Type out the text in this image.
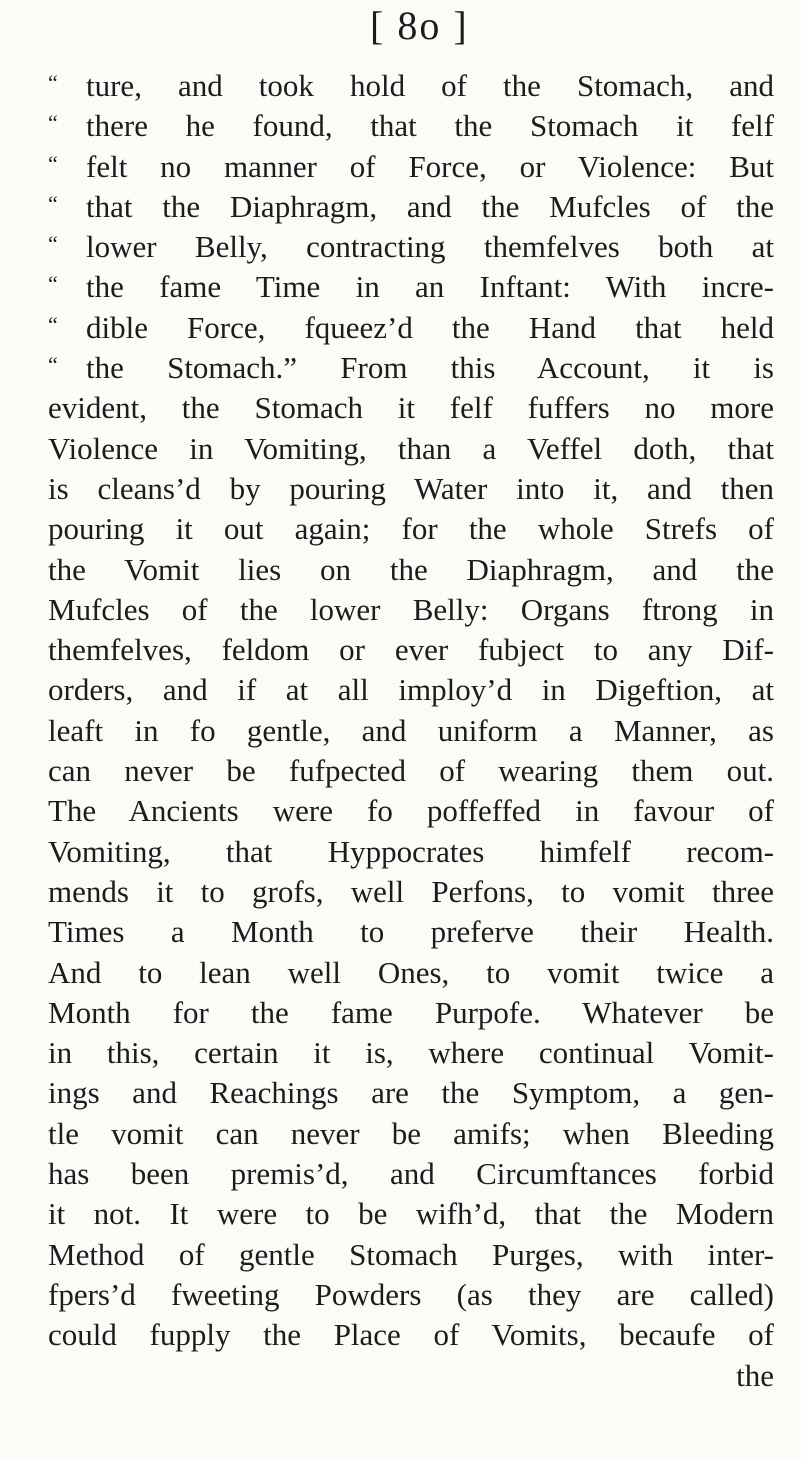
[ 8o ]
“ ture, and took hold of the Stomach, and
“ there he found, that the Stomach it felf
“ felt no manner of Force, or Violence: But
“ that the Diaphragm, and the Mufcles of the
“ lower Belly, contracting themfelves both at
“ the fame Time in an Inftant: With incre-
“ dible Force, fqueez’d the Hand that held
“ the Stomach.” From this Account, it is
evident, the Stomach it felf fuffers no more
Violence in Vomiting, than a Veffel doth, that
is cleans’d by pouring Water into it, and then
pouring it out again; for the whole Strefs of
the Vomit lies on the Diaphragm, and the
Mufcles of the lower Belly: Organs ftrong in
themfelves, feldom or ever fubject to any Dif-
orders, and if at all imploy’d in Digeftion, at
leaft in fo gentle, and uniform a Manner, as
can never be fufpected of wearing them out.
The Ancients were fo poffeffed in favour of
Vomiting, that Hyppocrates himfelf recom-
mends it to grofs, well Perfons, to vomit three
Times a Month to preferve their Health.
And to lean well Ones, to vomit twice a
Month for the fame Purpofe. Whatever be
in this, certain it is, where continual Vomit-
ings and Reachings are the Symptom, a gen-
tle vomit can never be amifs; when Bleeding
has been premis’d, and Circumftances forbid
it not. It were to be wifh’d, that the Modern
Method of gentle Stomach Purges, with inter-
fpers’d fweeting Powders (as they are called)
could fupply the Place of Vomits, becaufe of
the
